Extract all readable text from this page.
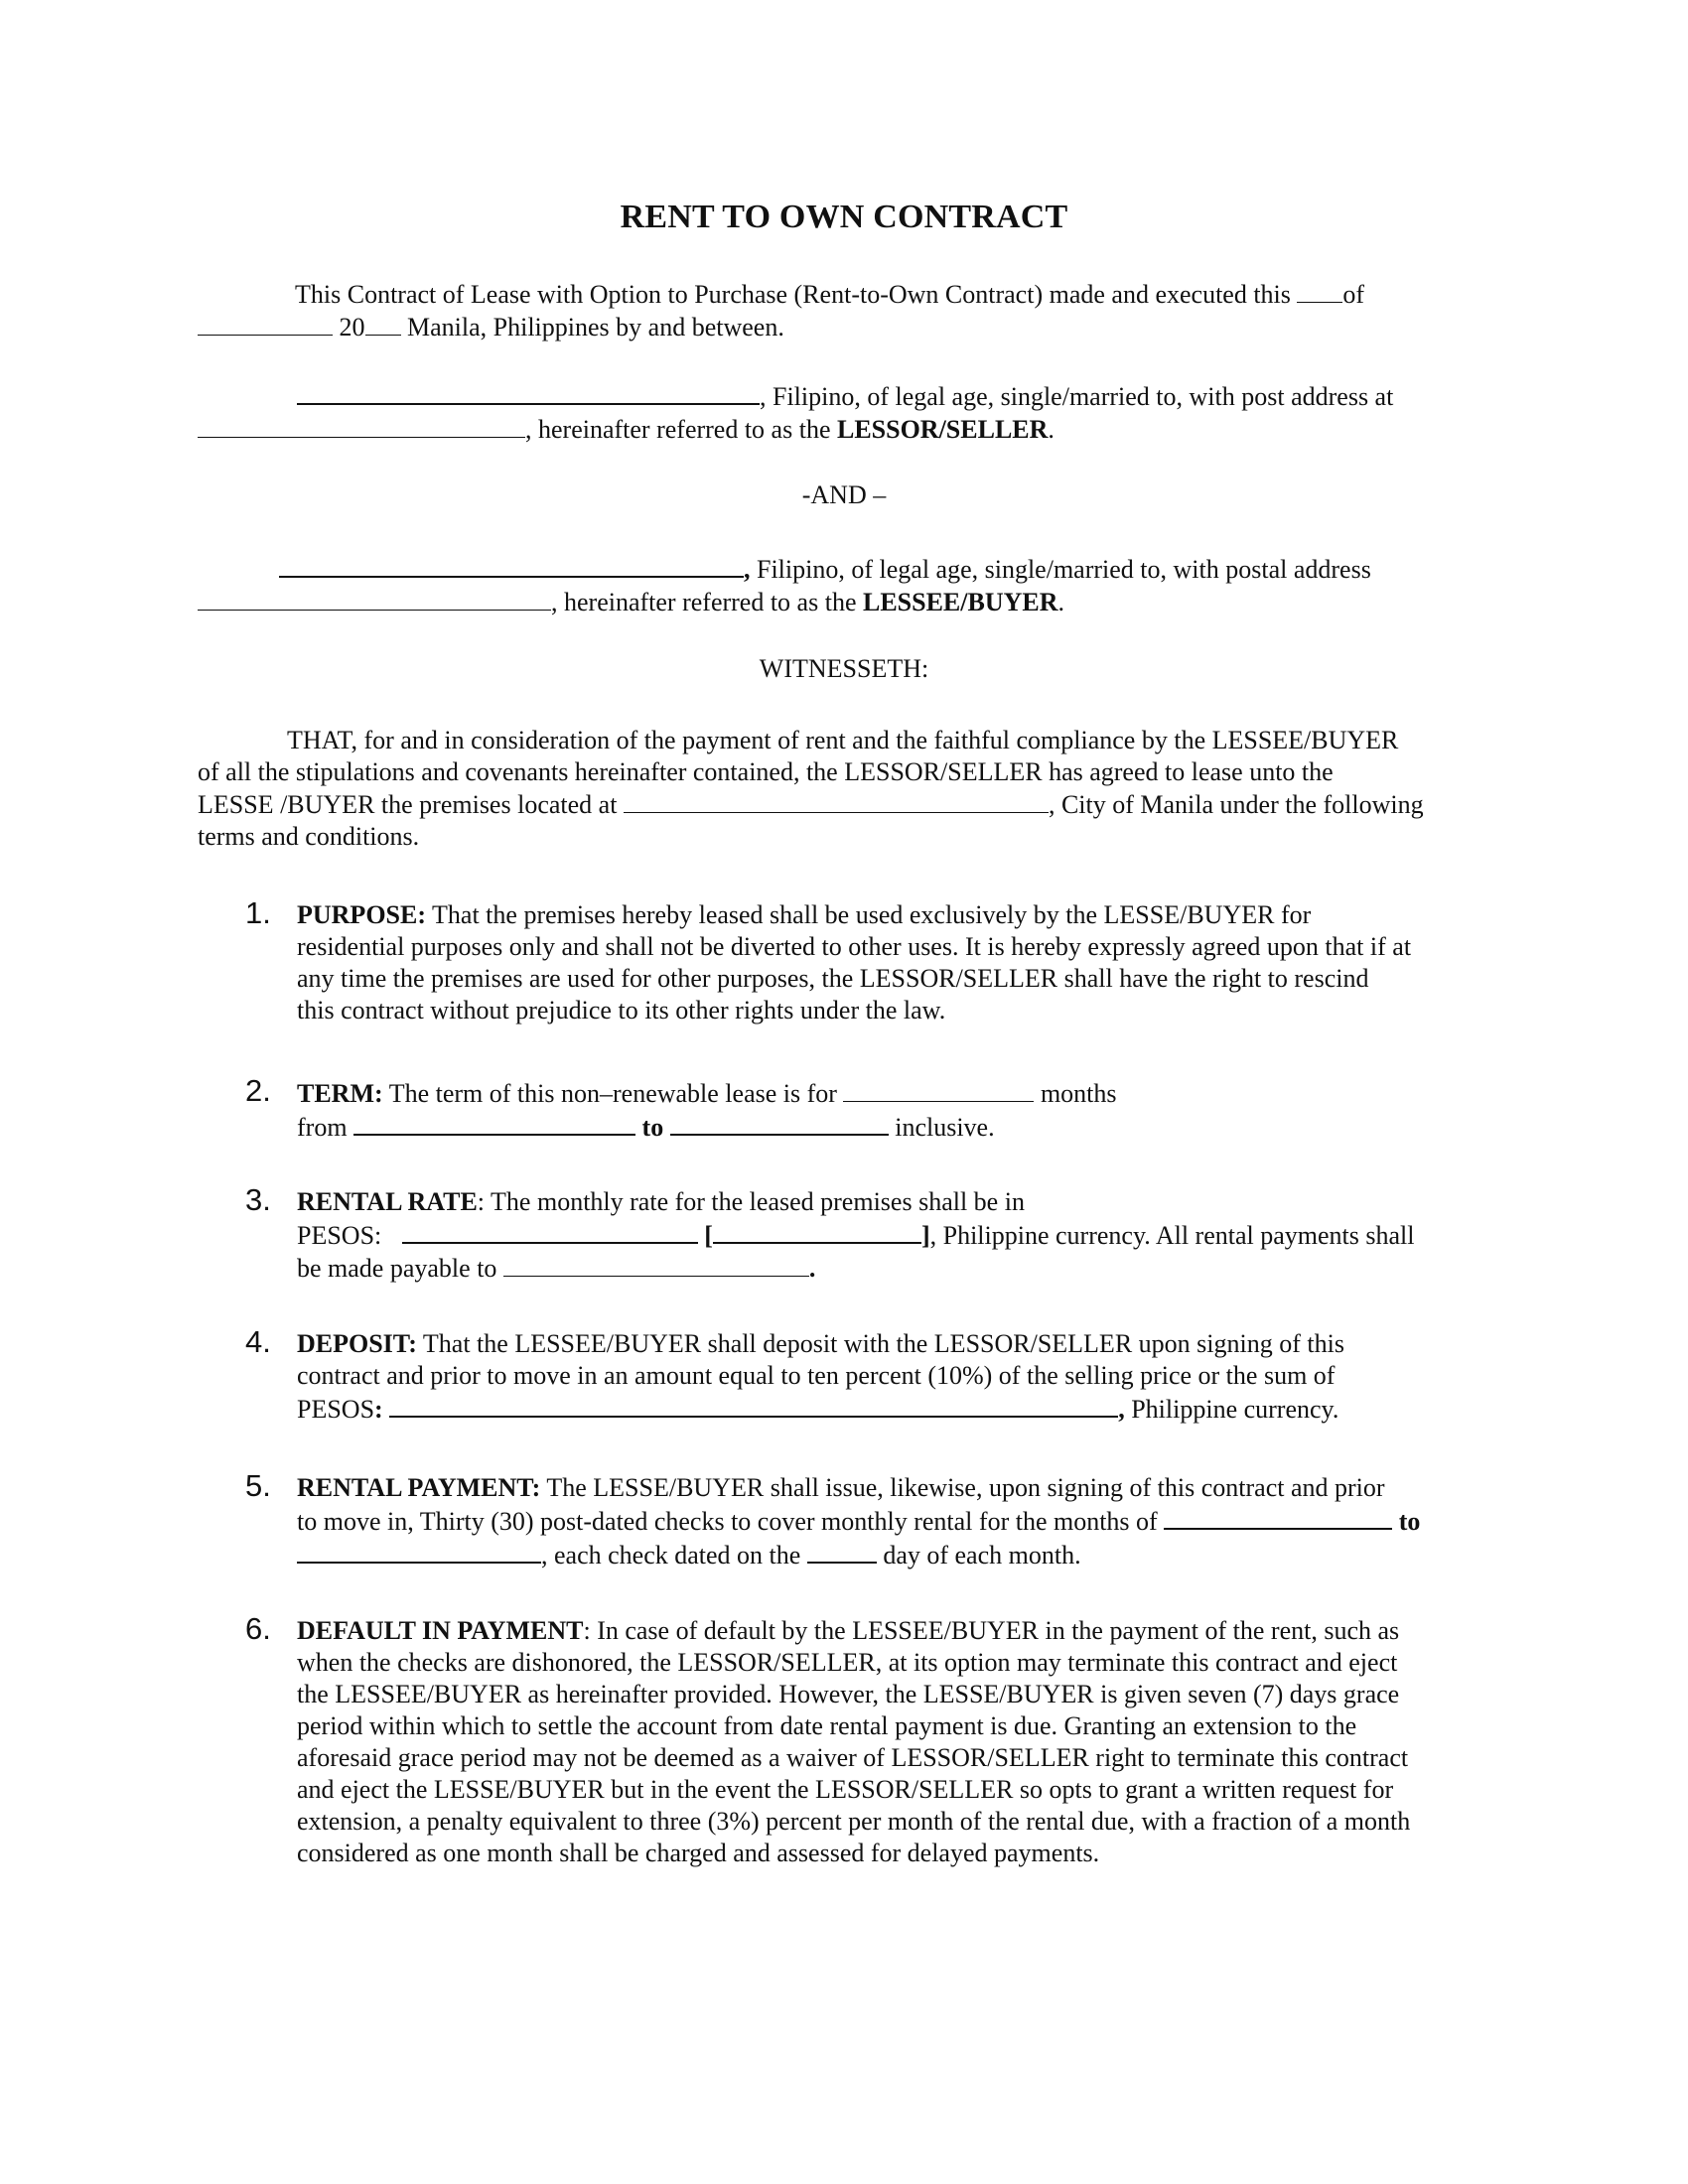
RENT TO OWN CONTRACT
This Contract of Lease with Option to Purchase (Rent-to-Own Contract) made and executed this of
20 Manila, Philippines by and between.
, Filipino, of legal age, single/married to, with post address at
, hereinafter referred to as the LESSOR/SELLER.
-AND –
, Filipino, of legal age, single/married to, with postal address
, hereinafter referred to as the LESSEE/BUYER.
WITNESSETH:
THAT, for and in consideration of the payment of rent and the faithful compliance by the LESSEE/BUYER
of all the stipulations and covenants hereinafter contained, the LESSOR/SELLER has agreed to lease unto the
LESSE /BUYER the premises located at	, City of Manila under the following
terms and conditions.
1. PURPOSE: That the premises hereby leased shall be used exclusively by the LESSE/BUYER for
residential purposes only and shall not be diverted to other uses. It is hereby expressly agreed upon that if at
any time the premises are used for other purposes, the LESSOR/SELLER shall have the right to rescind
this contract without prejudice to its other rights under the law.
2. TERM: The term of this non–renewable lease is for	months
from	to	inclusive.
3. RENTAL RATE: The monthly rate for the leased premises shall be in
PESOS:	[	], Philippine currency. All rental payments shall
be made payable to	.
4. DEPOSIT: That the LESSEE/BUYER shall deposit with the LESSOR/SELLER upon signing of this
contract and prior to move in an amount equal to ten percent (10%) of the selling price or the sum of
PESOS:	, Philippine currency.
5. RENTAL PAYMENT: The LESSE/BUYER shall issue, likewise, upon signing of this contract and prior
to move in, Thirty (30) post-dated checks to cover monthly rental for the months of	to
, each check dated on the	day of each month.
6. DEFAULT IN PAYMENT: In case of default by the LESSEE/BUYER in the payment of the rent, such as
when the checks are dishonored, the LESSOR/SELLER, at its option may terminate this contract and eject
the LESSEE/BUYER as hereinafter provided. However, the LESSE/BUYER is given seven (7) days grace
period within which to settle the account from date rental payment is due. Granting an extension to the
aforesaid grace period may not be deemed as a waiver of LESSOR/SELLER right to terminate this contract
and eject the LESSE/BUYER but in the event the LESSOR/SELLER so opts to grant a written request for
extension, a penalty equivalent to three (3%) percent per month of the rental due, with a fraction of a month
considered as one month shall be charged and assessed for delayed payments.
